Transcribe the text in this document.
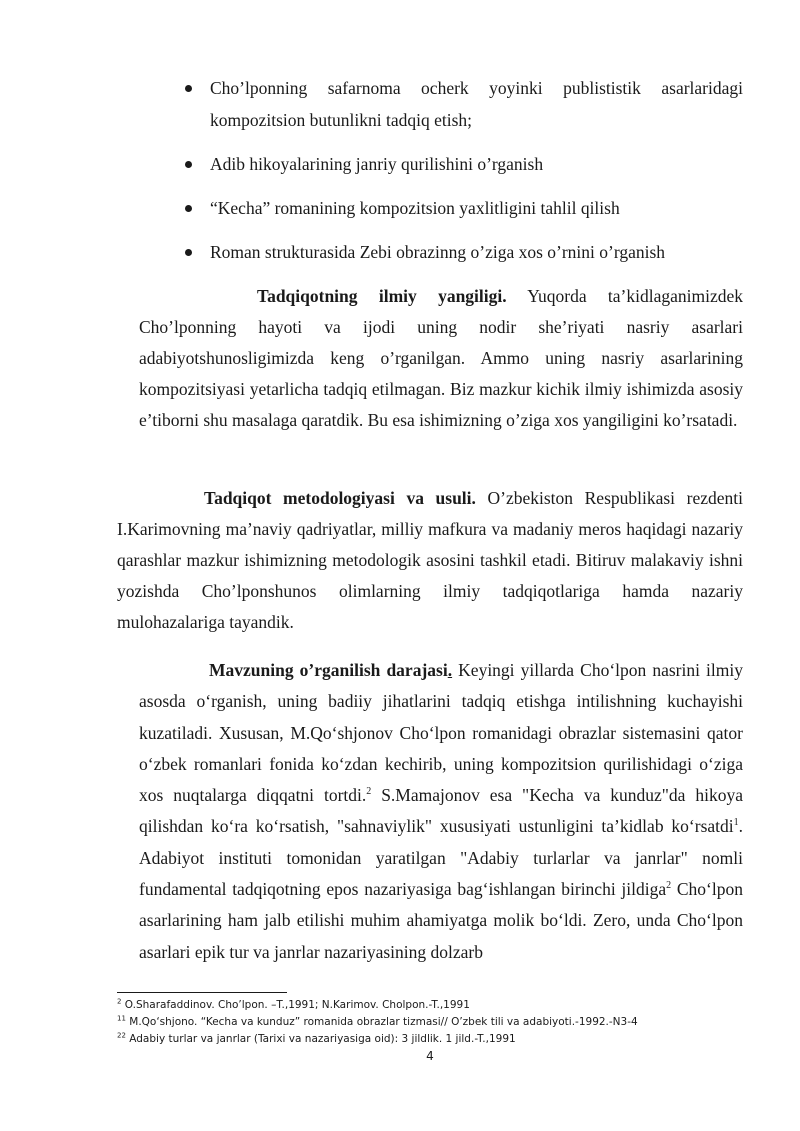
Cho’lponning safarnoma ocherk yoyinki publististik asarlaridagi kompozitsion butunlikni tadqiq etish;
Adib hikoyalarining janriy qurilishini o’rganish
“Kecha” romanining kompozitsion yaxlitligini tahlil qilish
Roman strukturasida Zebi obrazinng o’ziga xos o’rnini o’rganish

Tadqiqotning ilmiy yangiligi. Yuqorda ta’kidlaganimizdek Cho’lponning hayoti va ijodi uning nodir she’riyati nasriy asarlari adabiyotshunosligimizda keng o’rganilgan. Ammo uning nasriy asarlarining kompozitsiyasi yetarlicha tadqiq etilmagan. Biz mazkur kichik ilmiy ishimizda asosiy e’tiborni shu masalaga qaratdik. Bu esa ishimizning o’ziga xos yangiligini ko’rsatadi.

Tadqiqot metodologiyasi va usuli. O’zbekiston Respublikasi rezdenti I.Karimovning ma’naviy qadriyatlar, milliy mafkura va madaniy meros haqidagi nazariy qarashlar mazkur ishimizning metodologik asosini tashkil etadi. Bitiruv malakaviy ishni yozishda Cho’lponshunos olimlarning ilmiy tadqiqotlariga hamda nazariy mulohazalariga tayandik.

Mavzuning o’rganilish darajasi. Keyingi yillarda Cho‘lpon nasrini ilmiy asosda o‘rganish, uning badiiy jihatlarini tadqiq etishga intilishning kuchayishi kuzatiladi. Xususan, M.Qo‘shjonov Cho‘lpon romanidagi obrazlar sistemasini qator o‘zbek romanlari fonida ko‘zdan kechirib, uning kompozitsion qurilishidagi o‘ziga xos nuqtalarga diqqatni tortdi.$^2$ S.Mamajonov esa "Kecha va kunduz"da hikoya qilishdan ko‘ra ko‘rsatish, "sahnaviylik" xususiyati ustunligini ta’kidlab ko‘rsatdi$^1$. Adabiyot instituti tomonidan yaratilgan "Adabiy turlarlar va janrlar" nomli fundamental tadqiqotning epos nazariyasiga bag‘ishlangan birinchi jildiga$^2$ Cho‘lpon asarlarining ham jalb etilishi muhim ahamiyatga molik bo‘ldi. Zero, unda Cho‘lpon asarlari epik tur va janrlar nazariyasining dolzarb

$^2$ O.Sharafaddinov. Cho’lpon. –T.,1991; N.Karimov. Cholpon.-T.,1991
$^{11}$ M.Qo‘shjono. “Kecha va kunduz” romanida obrazlar tizmasi// O’zbek tili va adabiyoti.-1992.-N3-4
$^{22}$ Adabiy turlar va janrlar (Tarixi va nazariyasiga oid): 3 jildlik. 1 jild.-T.,1991
4
